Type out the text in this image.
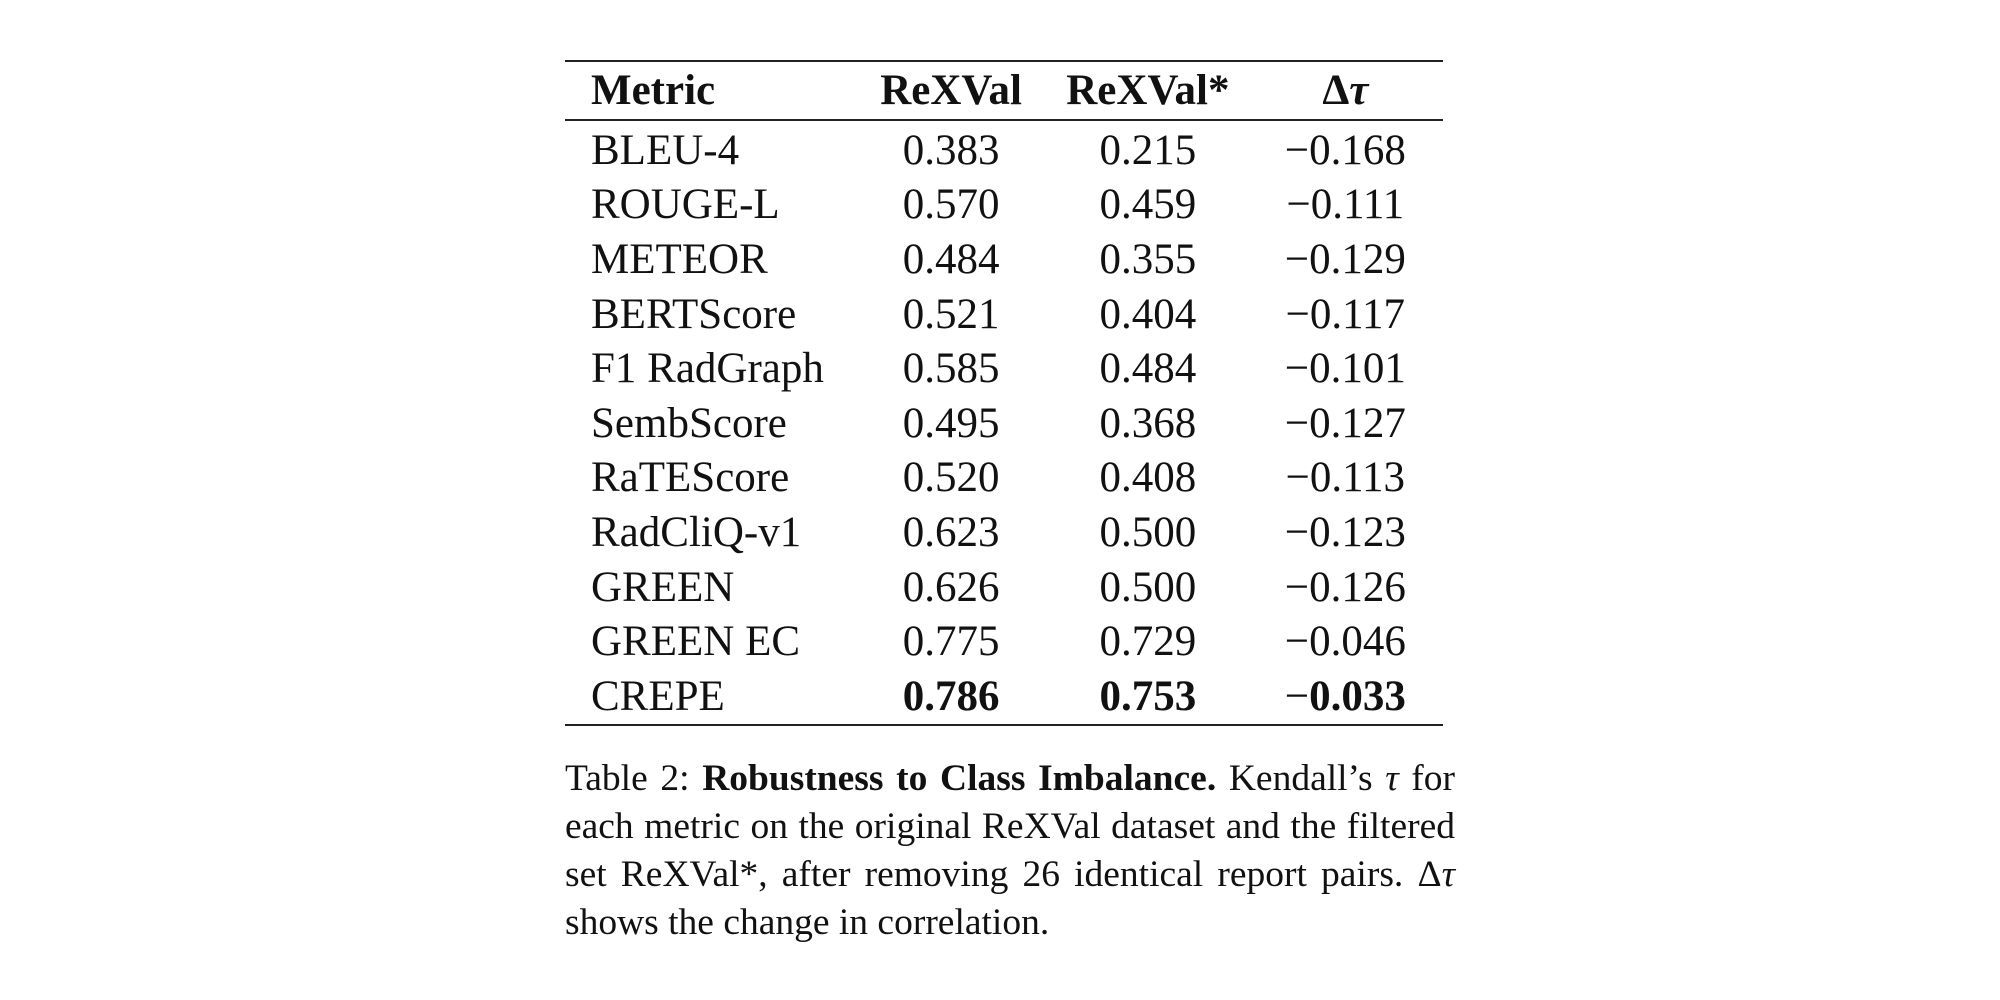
Metric	ReXVal	ReXVal*	Δτ
BLEU-4	0.383	0.215	−0.168
ROUGE-L	0.570	0.459	−0.111
METEOR	0.484	0.355	−0.129
BERTScore	0.521	0.404	−0.117
F1 RadGraph	0.585	0.484	−0.101
SembScore	0.495	0.368	−0.127
RaTEScore	0.520	0.408	−0.113
RadCliQ-v1	0.623	0.500	−0.123
GREEN	0.626	0.500	−0.126
GREEN EC	0.775	0.729	−0.046
CREPE	0.786	0.753	−0.033
Table 2: Robustness to Class Imbalance. Kendall’s τ for each metric on the original ReXVal dataset and the filtered set ReXVal*, after removing 26 identical report pairs. Δτ shows the change in correlation.
